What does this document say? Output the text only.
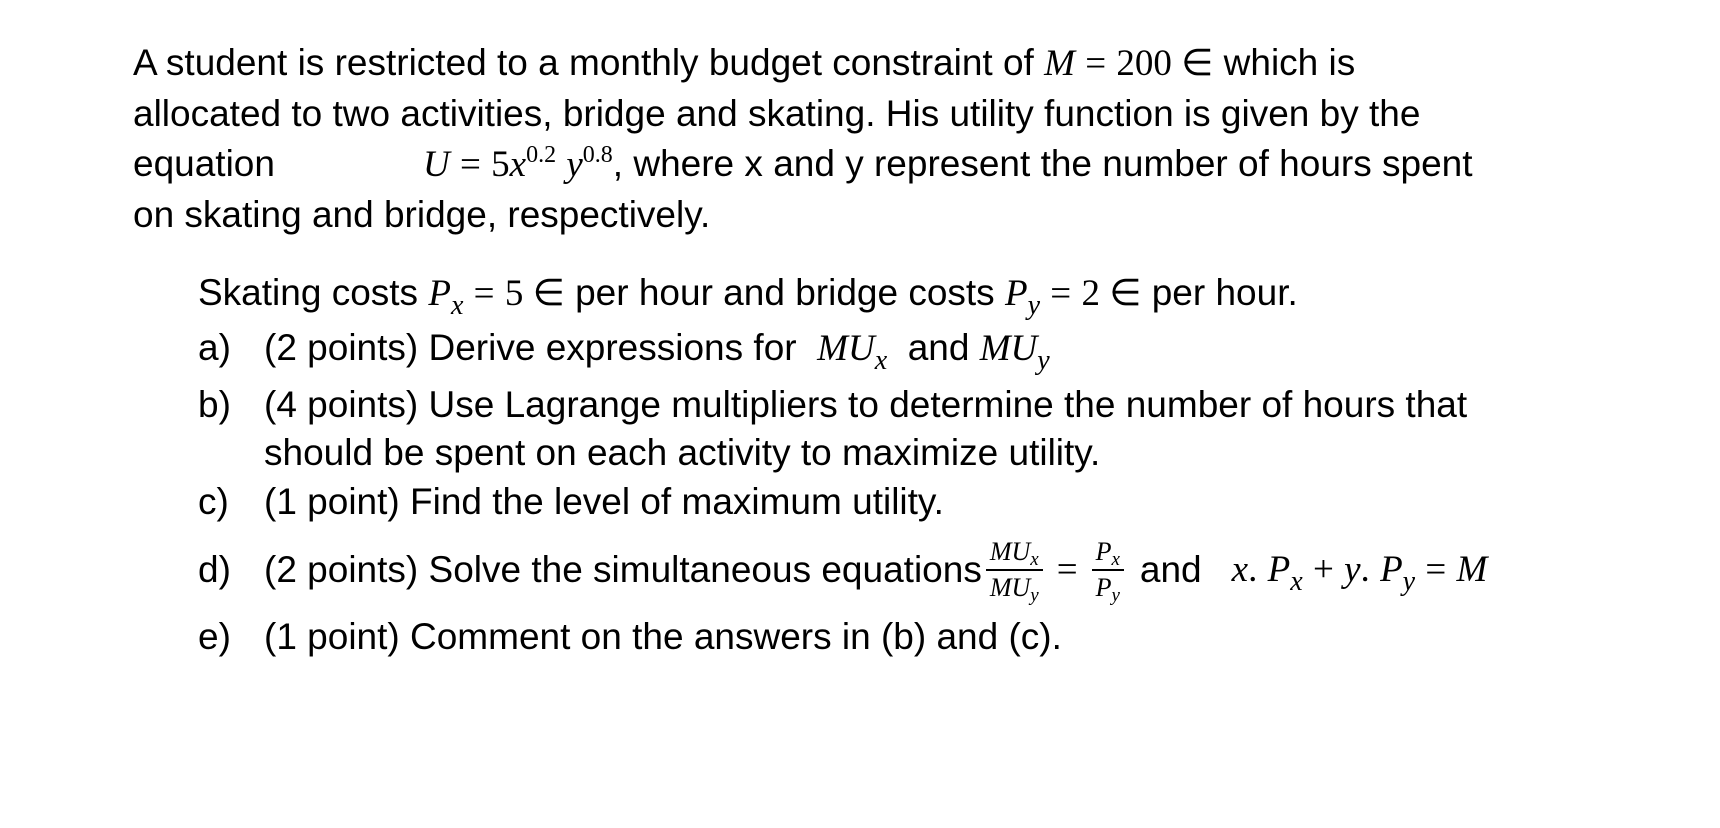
A student is restricted to a monthly budget constraint of M = 200 ∈ which is
allocated to two activities, bridge and skating. His utility function is given by the
equation	$U = 5x^{0.2}$ $y^{0.8}$, where x and y represent the number of hours spent
on skating and bridge, respectively.
Skating costs $P_x = 5$ ∈ per hour and bridge costs $P_y = 2$ ∈ per hour.
a) (2 points) Derive expressions for $MU_x$ and $MU_y$
b) (4 points) Use Lagrange multipliers to determine the number of hours that
should be spent on each activity to maximize utility.
c) (1 point) Find the level of maximum utility.
d) (2 points) Solve the simultaneous equations $\frac{MU_x}{MU_y} = \frac{P_x}{P_y}$ and x. $P_x + y$. $P_y = M$
e) (1 point) Comment on the answers in (b) and (c).
